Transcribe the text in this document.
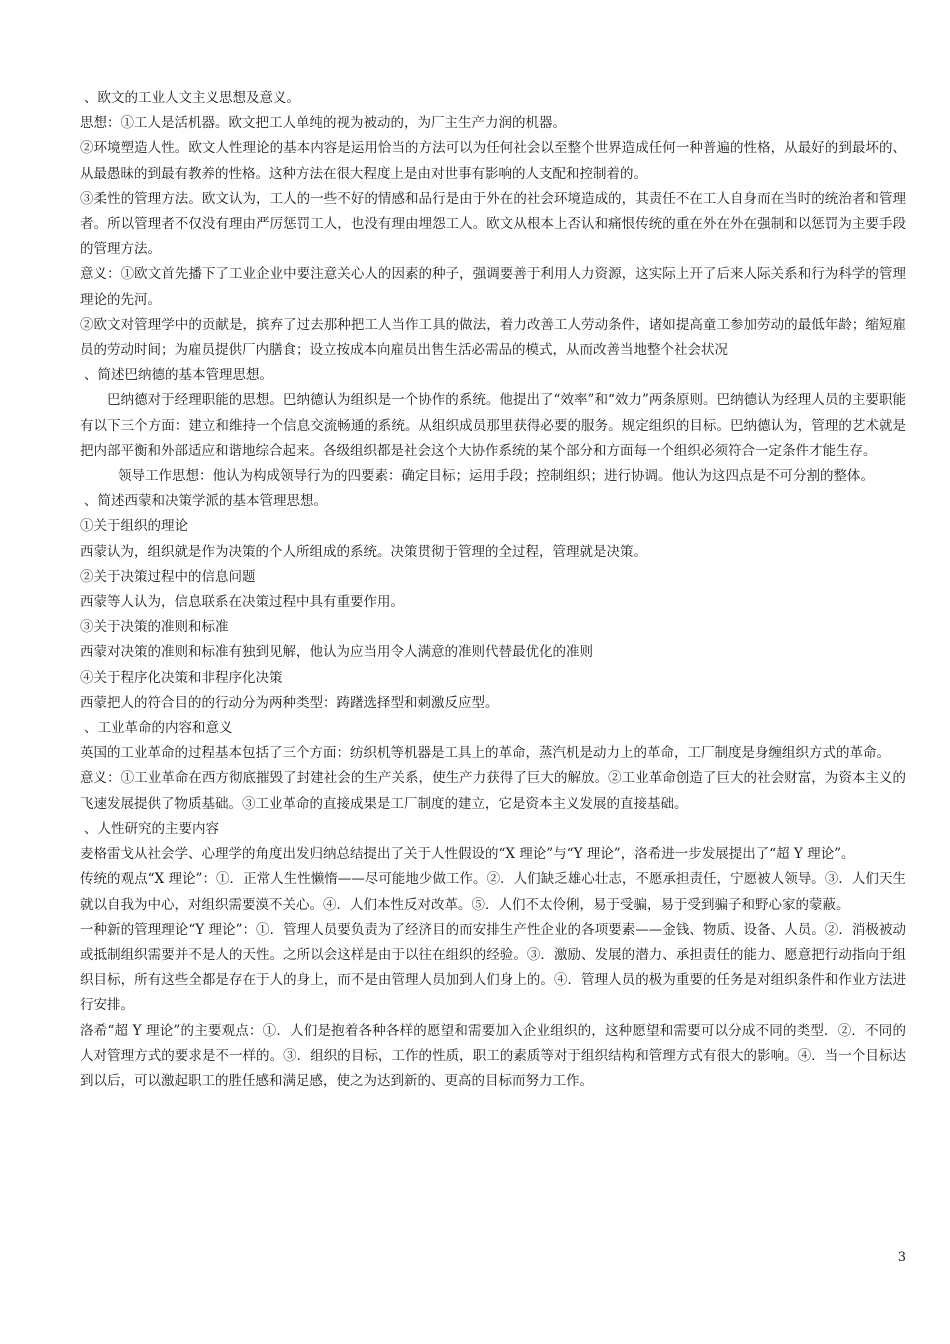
、欧文的工业人文主义思想及意义。

思想：①工人是活机器。欧文把工人单纯的视为被动的，为厂主生产力润的机器。

②环境塑造人性。欧文人性理论的基本内容是运用恰当的方法可以为任何社会以至整个世界造成任何一种普遍的性格，从最好的到最坏的、从最愚昧的到最有教养的性格。这种方法在很大程度上是由对世事有影响的人支配和控制着的。

③柔性的管理方法。欧文认为，工人的一些不好的情感和品行是由于外在的社会环境造成的，其责任不在工人自身而在当时的统治者和管理者。所以管理者不仅没有理由严厉惩罚工人，也没有理由埋怨工人。欧文从根本上否认和痛恨传统的重在外在外在强制和以惩罚为主要手段的管理方法。

意义：①欧文首先播下了工业企业中要注意关心人的因素的种子，强调要善于利用人力资源，这实际上开了后来人际关系和行为科学的管理理论的先河。

②欧文对管理学中的贡献是，摈弃了过去那种把工人当作工具的做法，着力改善工人劳动条件，诸如提高童工参加劳动的最低年龄；缩短雇员的劳动时间；为雇员提供厂内膳食；设立按成本向雇员出售生活必需品的模式，从而改善当地整个社会状况

、简述巴纳德的基本管理思想。

巴纳德对于经理职能的思想。巴纳德认为组织是一个协作的系统。他提出了“效率”和“效力”两条原则。巴纳德认为经理人员的主要职能有以下三个方面：建立和维持一个信息交流畅通的系统。从组织成员那里获得必要的服务。规定组织的目标。巴纳德认为，管理的艺术就是把内部平衡和外部适应和谐地综合起来。各级组织都是社会这个大协作系统的某个部分和方面每一个组织必须符合一定条件才能生存。

领导工作思想：他认为构成领导行为的四要素：确定目标；运用手段；控制组织；进行协调。他认为这四点是不可分割的整体。

、简述西蒙和决策学派的基本管理思想。

①关于组织的理论

西蒙认为，组织就是作为决策的个人所组成的系统。决策贯彻于管理的全过程，管理就是决策。

②关于决策过程中的信息问题

西蒙等人认为，信息联系在决策过程中具有重要作用。

③关于决策的准则和标准

西蒙对决策的准则和标准有独到见解，他认为应当用令人满意的准则代替最优化的准则

④关于程序化决策和非程序化决策

西蒙把人的符合目的的行动分为两种类型：踌躇选择型和刺激反应型。

、工业革命的内容和意义

英国的工业革命的过程基本包括了三个方面：纺织机等机器是工具上的革命，蒸汽机是动力上的革命，工厂制度是身缠组织方式的革命。

意义：①工业革命在西方彻底摧毁了封建社会的生产关系，使生产力获得了巨大的解放。②工业革命创造了巨大的社会财富，为资本主义的飞速发展提供了物质基础。③工业革命的直接成果是工厂制度的建立，它是资本主义发展的直接基础。

、人性研究的主要内容

麦格雷戈从社会学、心理学的角度出发归纳总结提出了关于人性假设的“X 理论”与“Y 理论”，洛希进一步发展提出了“超 Y 理论”。

传统的观点“X 理论”：①．正常人生性懒惰——尽可能地少做工作。②．人们缺乏雄心壮志，不愿承担责任，宁愿被人领导。③．人们天生就以自我为中心，对组织需要漠不关心。④．人们本性反对改革。⑤．人们不太伶俐，易于受骗，易于受到骗子和野心家的蒙蔽。

一种新的管理理论“Y 理论”：①．管理人员要负责为了经济目的而安排生产性企业的各项要素——金钱、物质、设备、人员。②．消极被动或抵制组织需要并不是人的天性。之所以会这样是由于以往在组织的经验。③．激励、发展的潜力、承担责任的能力、愿意把行动指向于组织目标，所有这些全都是存在于人的身上，而不是由管理人员加到人们身上的。④．管理人员的极为重要的任务是对组织条件和作业方法进行安排。

洛希“超 Y 理论”的主要观点：①．人们是抱着各种各样的愿望和需要加入企业组织的，这种愿望和需要可以分成不同的类型．②．不同的人对管理方式的要求是不一样的。③．组织的目标，工作的性质，职工的素质等对于组织结构和管理方式有很大的影响。④．当一个目标达到以后，可以激起职工的胜任感和满足感，使之为达到新的、更高的目标而努力工作。

3
